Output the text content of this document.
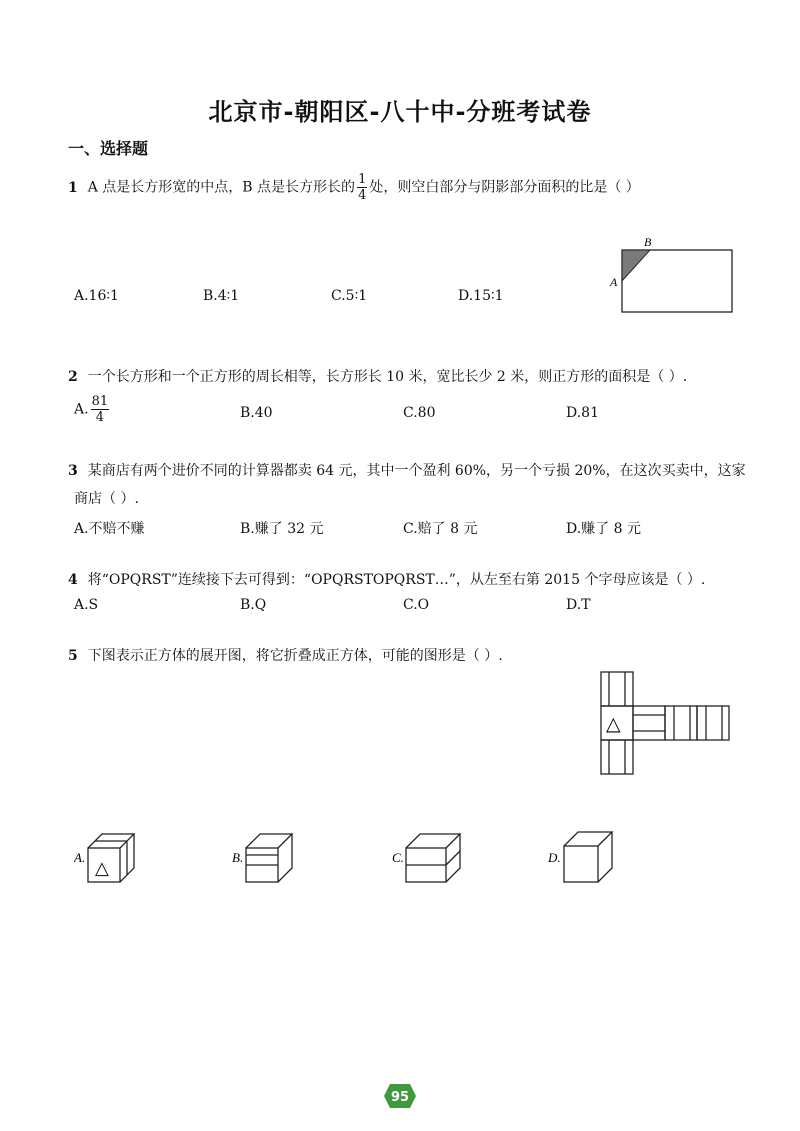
北京市-朝阳区-八十中-分班考试卷
一、选择题
1 A 点是长方形宽的中点，B 点是长方形长的 $\frac{1}{4}$ 处，则空白部分与阴影部分面积的比是（ ）
A.16∶1	B.4∶1	C.5∶1	D.15∶1
B
A
2 一个长方形和一个正方形的周长相等，长方形长 10 米，宽比长少 2 米，则正方形的面积是（ ）.
A. $\frac{81}{4}$	B.40	C.80	D.81
3 某商店有两个进价不同的计算器都卖 64 元，其中一个盈利 60%，另一个亏损 20%，在这次买卖中，这家
商店（ ）.
A.不赔不赚	B.赚了 32 元	C.赔了 8 元	D.赚了 8 元
4 将“OPQRST”连续接下去可得到：“OPQRSTOPQRST…”，从左至右第 2015 个字母应该是（ ）.
A.S	B.Q	C.O	D.T
5 下图表示正方体的展开图，将它折叠成正方体，可能的图形是（ ）.
△
A.
△
B.	C.	D.
95
